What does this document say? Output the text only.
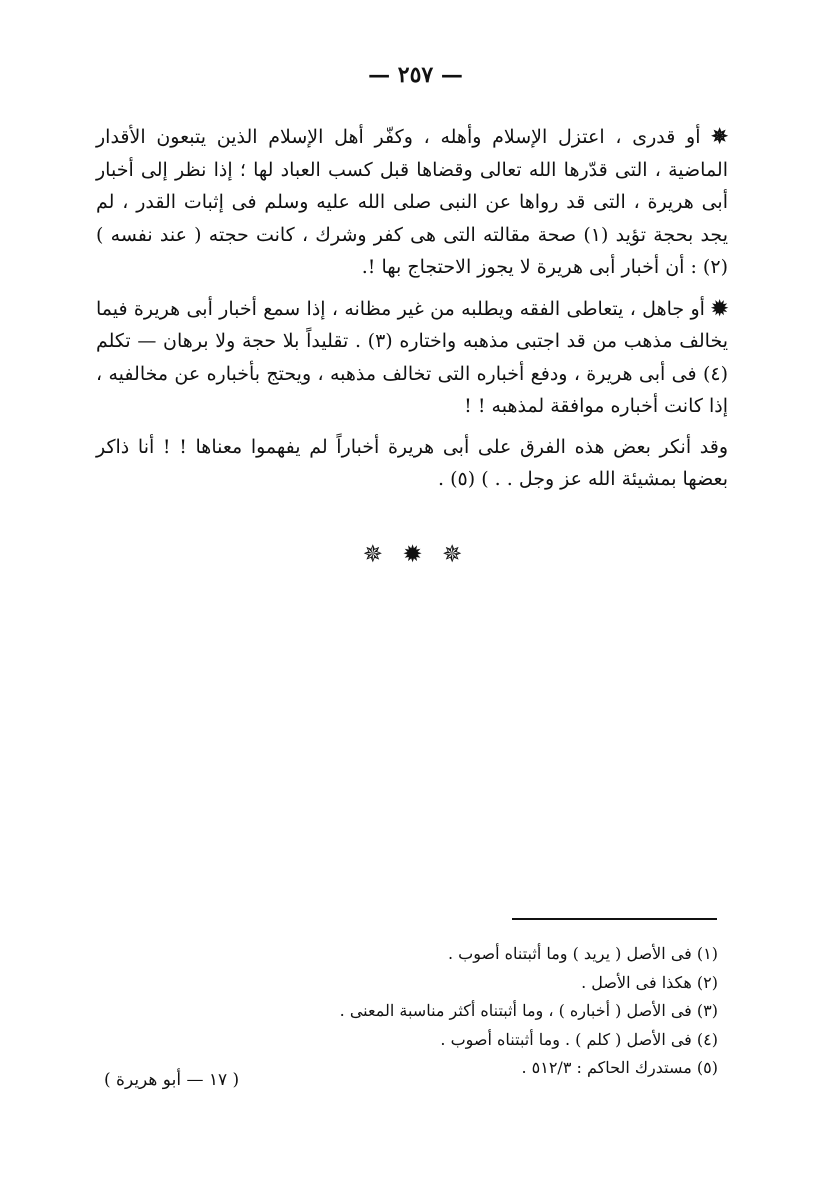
— ٢٥٧ —

✵ أو قدرى ، اعتزل الإسلام وأهله ، وكفّر أهل الإسلام الذين يتبعون الأقدار الماضية ، التى قدّرها الله تعالى وقضاها قبل كسب العباد لها ؛ إذا نظر إلى أخبار أبى هريرة ، التى قد رواها عن النبى صلى الله عليه وسلم فى إثبات القدر ، لم يجد بحجة تؤيد (١) صحة مقالته التى هى كفر وشرك ، كانت حجته ( عند نفسه ) (٢) : أن أخبار أبى هريرة لا يجوز الاحتجاج بها !.

✹ أو جاهل ، يتعاطى الفقه ويطلبه من غير مظانه ، إذا سمع أخبار أبى هريرة فيما يخالف مذهب من قد اجتبى مذهبه واختاره (٣) . تقليداً بلا حجة ولا برهان — تكلم (٤) فى أبى هريرة ، ودفع أخباره التى تخالف مذهبه ، ويحتج بأخباره عن مخالفيه ، إذا كانت أخباره موافقة لمذهبه ! !

وقد أنكر بعض هذه الفرق على أبى هريرة أخباراً لم يفهموا معناها ! ! أنا ذاكر بعضها بمشيئة الله عز وجل . . ) (٥) .

✵ ✹ ✵
(١) فى الأصل ( يريد ) وما أثبتناه أصوب .
(٢) هكذا فى الأصل .
(٣) فى الأصل ( أخباره ) ، وما أثبتناه أكثر مناسبة المعنى .
(٤) فى الأصل ( كلم ) . وما أثبتناه أصوب .
(٥) مستدرك الحاكم : ٥١٢/٣ .
( ١٧ — أبو هريرة )
